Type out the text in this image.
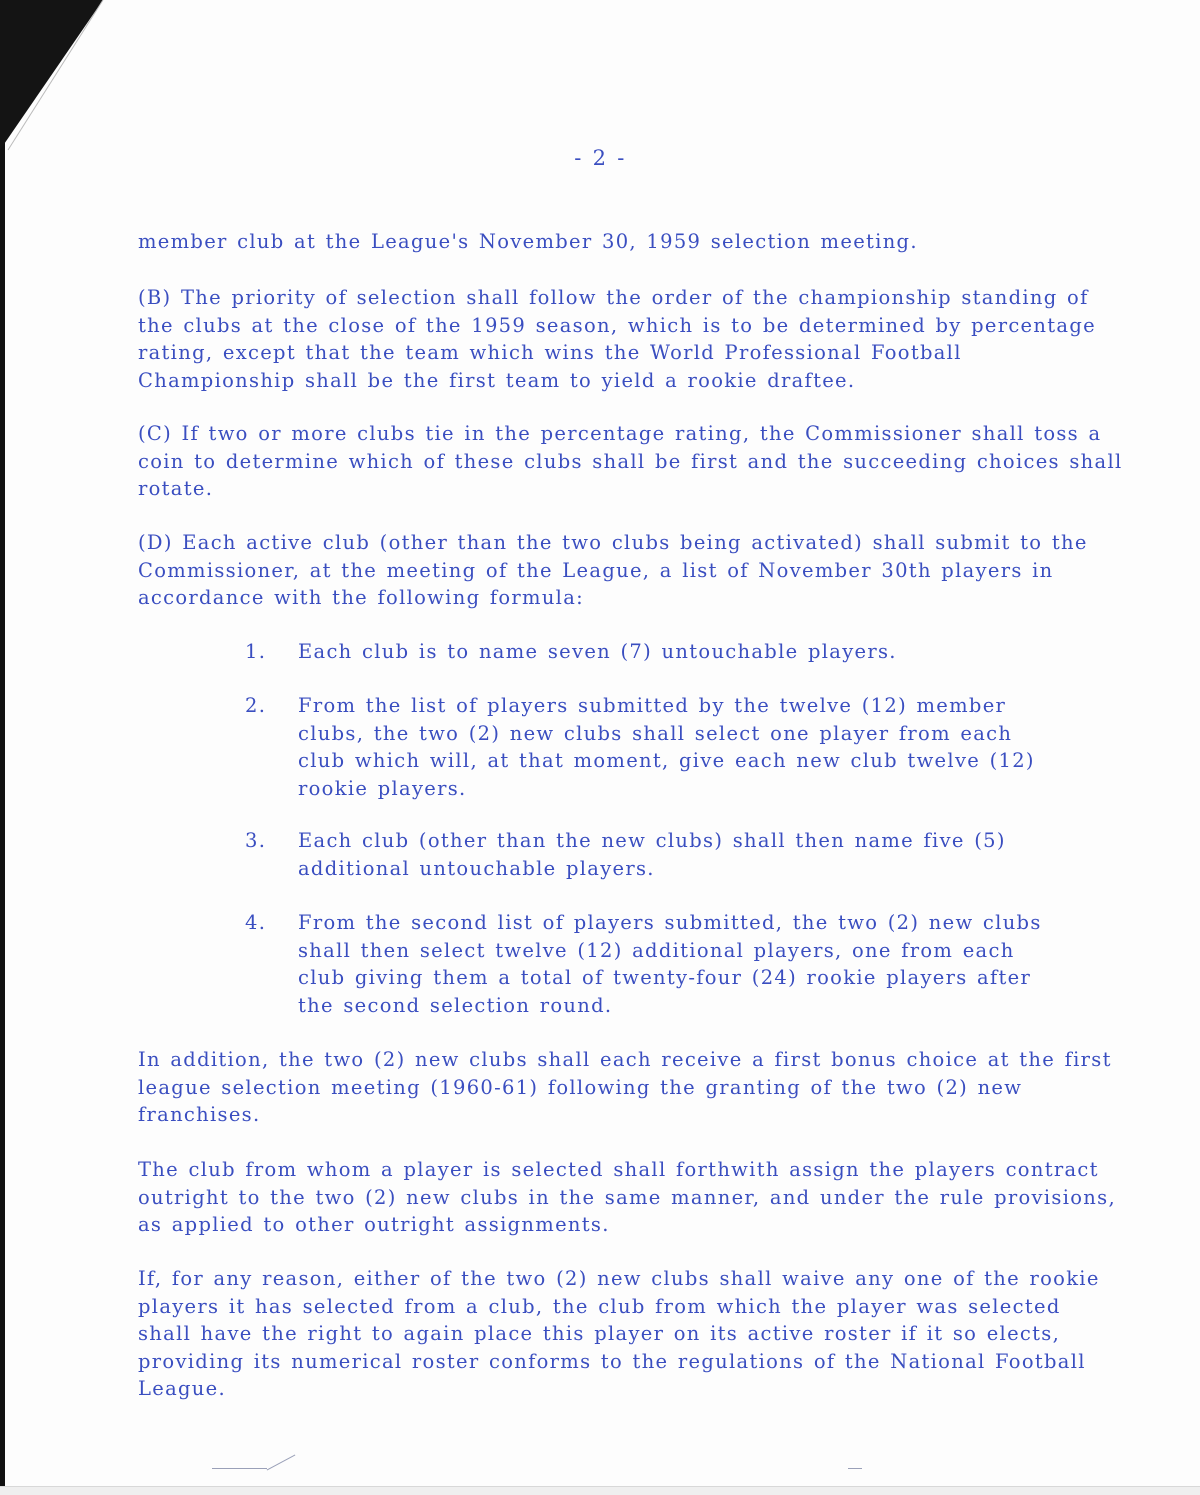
- 2 -

member club at the League's November 30, 1959 selection meeting.

(B) The priority of selection shall follow the order of the championship standing of the clubs at the close of the 1959 season, which is to be determined by percentage rating, except that the team which wins the World Professional Football Championship shall be the first team to yield a rookie draftee.

(C) If two or more clubs tie in the percentage rating, the Commissioner shall toss a coin to determine which of these clubs shall be first and the succeeding choices shall rotate.

(D) Each active club (other than the two clubs being activated) shall submit to the Commissioner, at the meeting of the League, a list of November 30th players in accordance with the following formula:

1.	Each club is to name seven (7) untouchable players.
2.	From the list of players submitted by the twelve (12) member clubs, the two (2) new clubs shall select one player from each club which will, at that moment, give each new club twelve (12) rookie players.
3.	Each club (other than the new clubs) shall then name five (5) additional untouchable players.
4.	From the second list of players submitted, the two (2) new clubs shall then select twelve (12) additional players, one from each club giving them a total of twenty-four (24) rookie players after the second selection round.

In addition, the two (2) new clubs shall each receive a first bonus choice at the first league selection meeting (1960-61) following the granting of the two (2) new franchises.

The club from whom a player is selected shall forthwith assign the players contract outright to the two (2) new clubs in the same manner, and under the rule provisions, as applied to other outright assignments.

If, for any reason, either of the two (2) new clubs shall waive any one of the rookie players it has selected from a club, the club from which the player was selected shall have the right to again place this player on its active roster if it so elects, providing its numerical roster conforms to the regulations of the National Football League.
